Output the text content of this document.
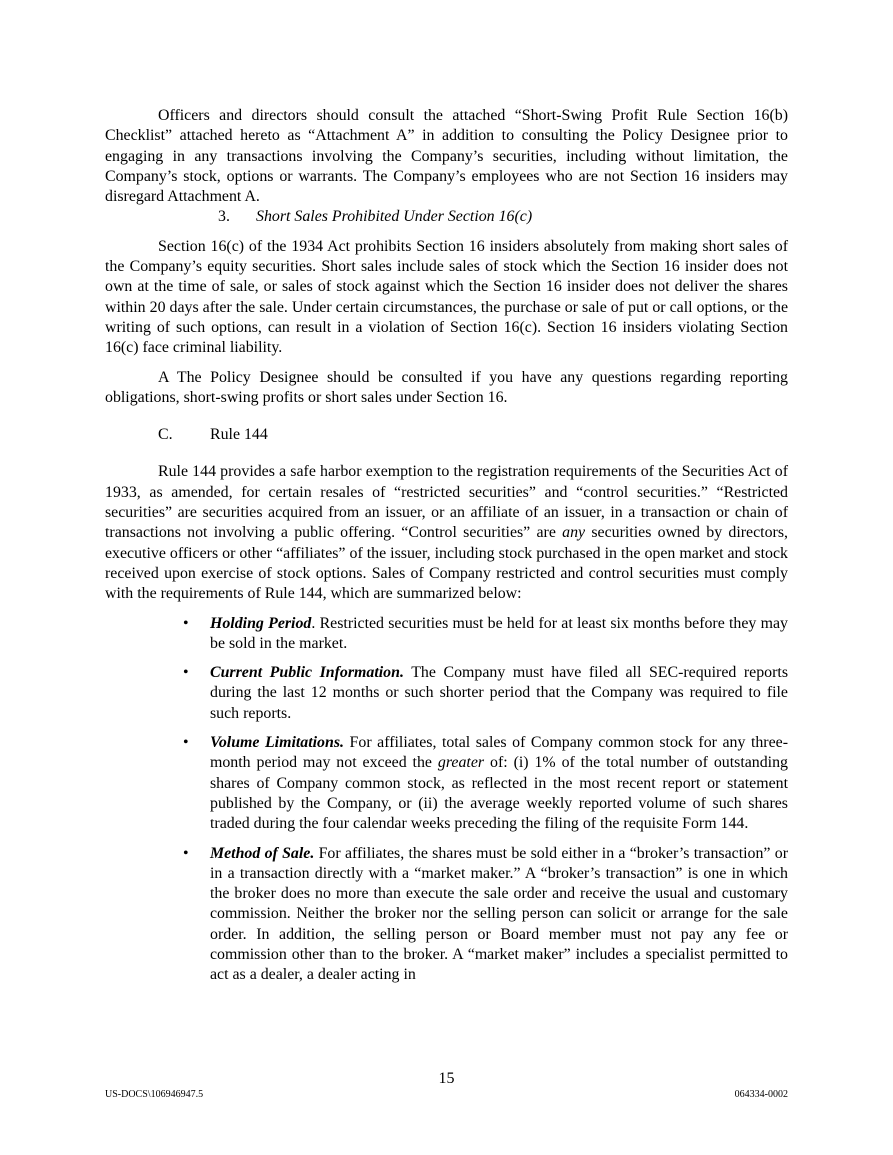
Officers and directors should consult the attached “Short-Swing Profit Rule Section 16(b) Checklist” attached hereto as “Attachment A” in addition to consulting the Policy Designee prior to engaging in any transactions involving the Company’s securities, including without limitation, the Company’s stock, options or warrants. The Company’s employees who are not Section 16 insiders may disregard Attachment A.

3. Short Sales Prohibited Under Section 16(c)

Section 16(c) of the 1934 Act prohibits Section 16 insiders absolutely from making short sales of the Company’s equity securities. Short sales include sales of stock which the Section 16 insider does not own at the time of sale, or sales of stock against which the Section 16 insider does not deliver the shares within 20 days after the sale. Under certain circumstances, the purchase or sale of put or call options, or the writing of such options, can result in a violation of Section 16(c). Section 16 insiders violating Section 16(c) face criminal liability.

A The Policy Designee should be consulted if you have any questions regarding reporting obligations, short-swing profits or short sales under Section 16.

C. Rule 144

Rule 144 provides a safe harbor exemption to the registration requirements of the Securities Act of 1933, as amended, for certain resales of “restricted securities” and “control securities.” “Restricted securities” are securities acquired from an issuer, or an affiliate of an issuer, in a transaction or chain of transactions not involving a public offering. “Control securities” are any securities owned by directors, executive officers or other “affiliates” of the issuer, including stock purchased in the open market and stock received upon exercise of stock options. Sales of Company restricted and control securities must comply with the requirements of Rule 144, which are summarized below:

• Holding Period. Restricted securities must be held for at least six months before they may be sold in the market.
• Current Public Information. The Company must have filed all SEC-required reports during the last 12 months or such shorter period that the Company was required to file such reports.
• Volume Limitations. For affiliates, total sales of Company common stock for any three-month period may not exceed the greater of: (i) 1% of the total number of outstanding shares of Company common stock, as reflected in the most recent report or statement published by the Company, or (ii) the average weekly reported volume of such shares traded during the four calendar weeks preceding the filing of the requisite Form 144.
• Method of Sale. For affiliates, the shares must be sold either in a “broker’s transaction” or in a transaction directly with a “market maker.” A “broker’s transaction” is one in which the broker does no more than execute the sale order and receive the usual and customary commission. Neither the broker nor the selling person can solicit or arrange for the sale order. In addition, the selling person or Board member must not pay any fee or commission other than to the broker. A “market maker” includes a specialist permitted to act as a dealer, a dealer acting in
15
US-DOCS\106946947.5	064334-0002
